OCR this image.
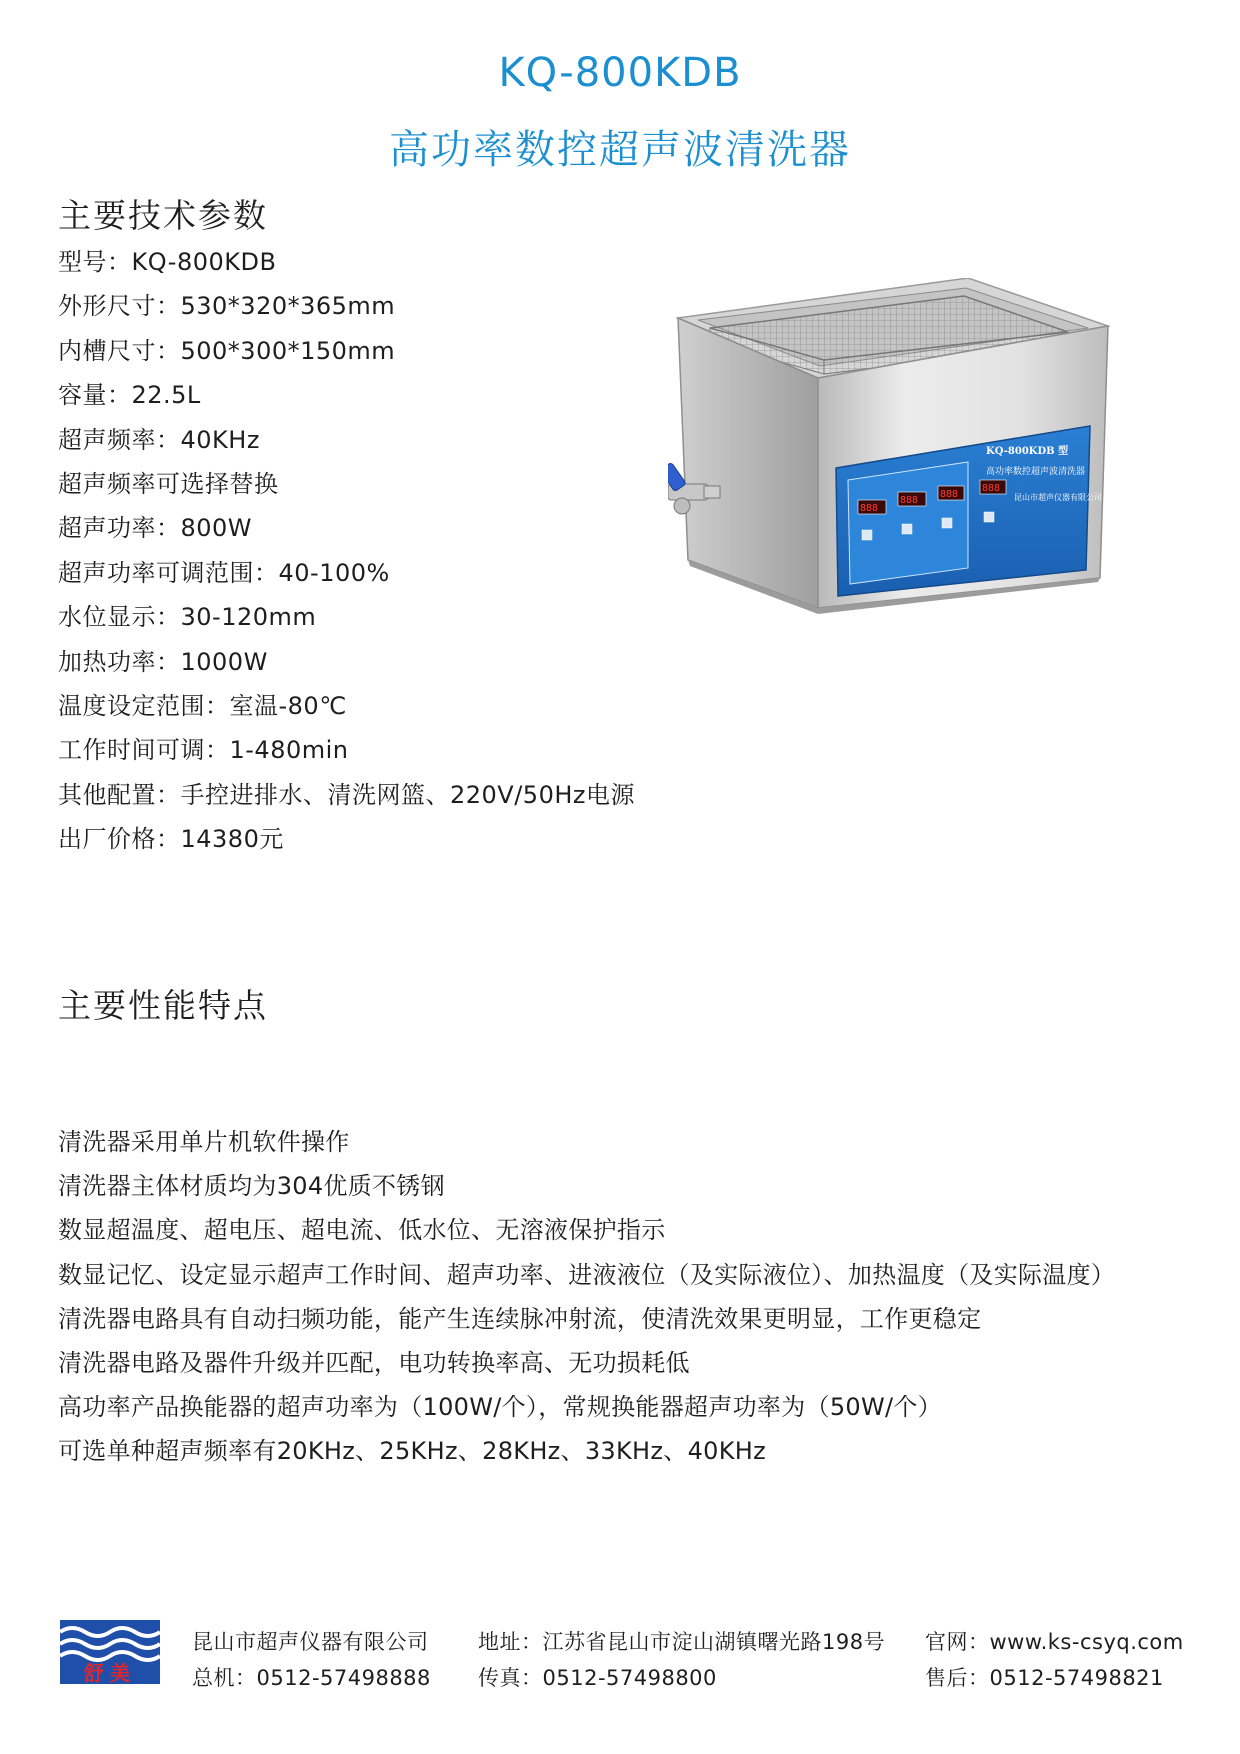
KQ-800KDB
高功率数控超声波清洗器
主要技术参数
型号：KQ-800KDB
外形尺寸：530*320*365mm
内槽尺寸：500*300*150mm
容量：22.5L
超声频率：40KHz
超声频率可选择替换
超声功率：800W
超声功率可调范围：40-100%
水位显示：30-120mm
加热功率：1000W
温度设定范围：室温-80℃
工作时间可调：1-480min
其他配置：手控进排水、清洗网篮、220V/50Hz电源
出厂价格：14380元
888
888
888
888
KQ-800KDB 型
高功率数控超声波清洗器
昆山市超声仪器有限公司
主要性能特点
清洗器采用单片机软件操作
清洗器主体材质均为304优质不锈钢
数显超温度、超电压、超电流、低水位、无溶液保护指示
数显记忆、设定显示超声工作时间、超声功率、进液液位（及实际液位）、加热温度（及实际温度）
清洗器电路具有自动扫频功能，能产生连续脉冲射流，使清洗效果更明显，工作更稳定
清洗器电路及器件升级并匹配，电功转换率高、无功损耗低
高功率产品换能器的超声功率为（100W/个），常规换能器超声功率为（50W/个）
可选单种超声频率有20KHz、25KHz、28KHz、33KHz、40KHz
舒美
昆山市超声仪器有限公司
总机：0512-57498888
地址：江苏省昆山市淀山湖镇曙光路198号
传真：0512-57498800
官网：www.ks-csyq.com
售后：0512-57498821
